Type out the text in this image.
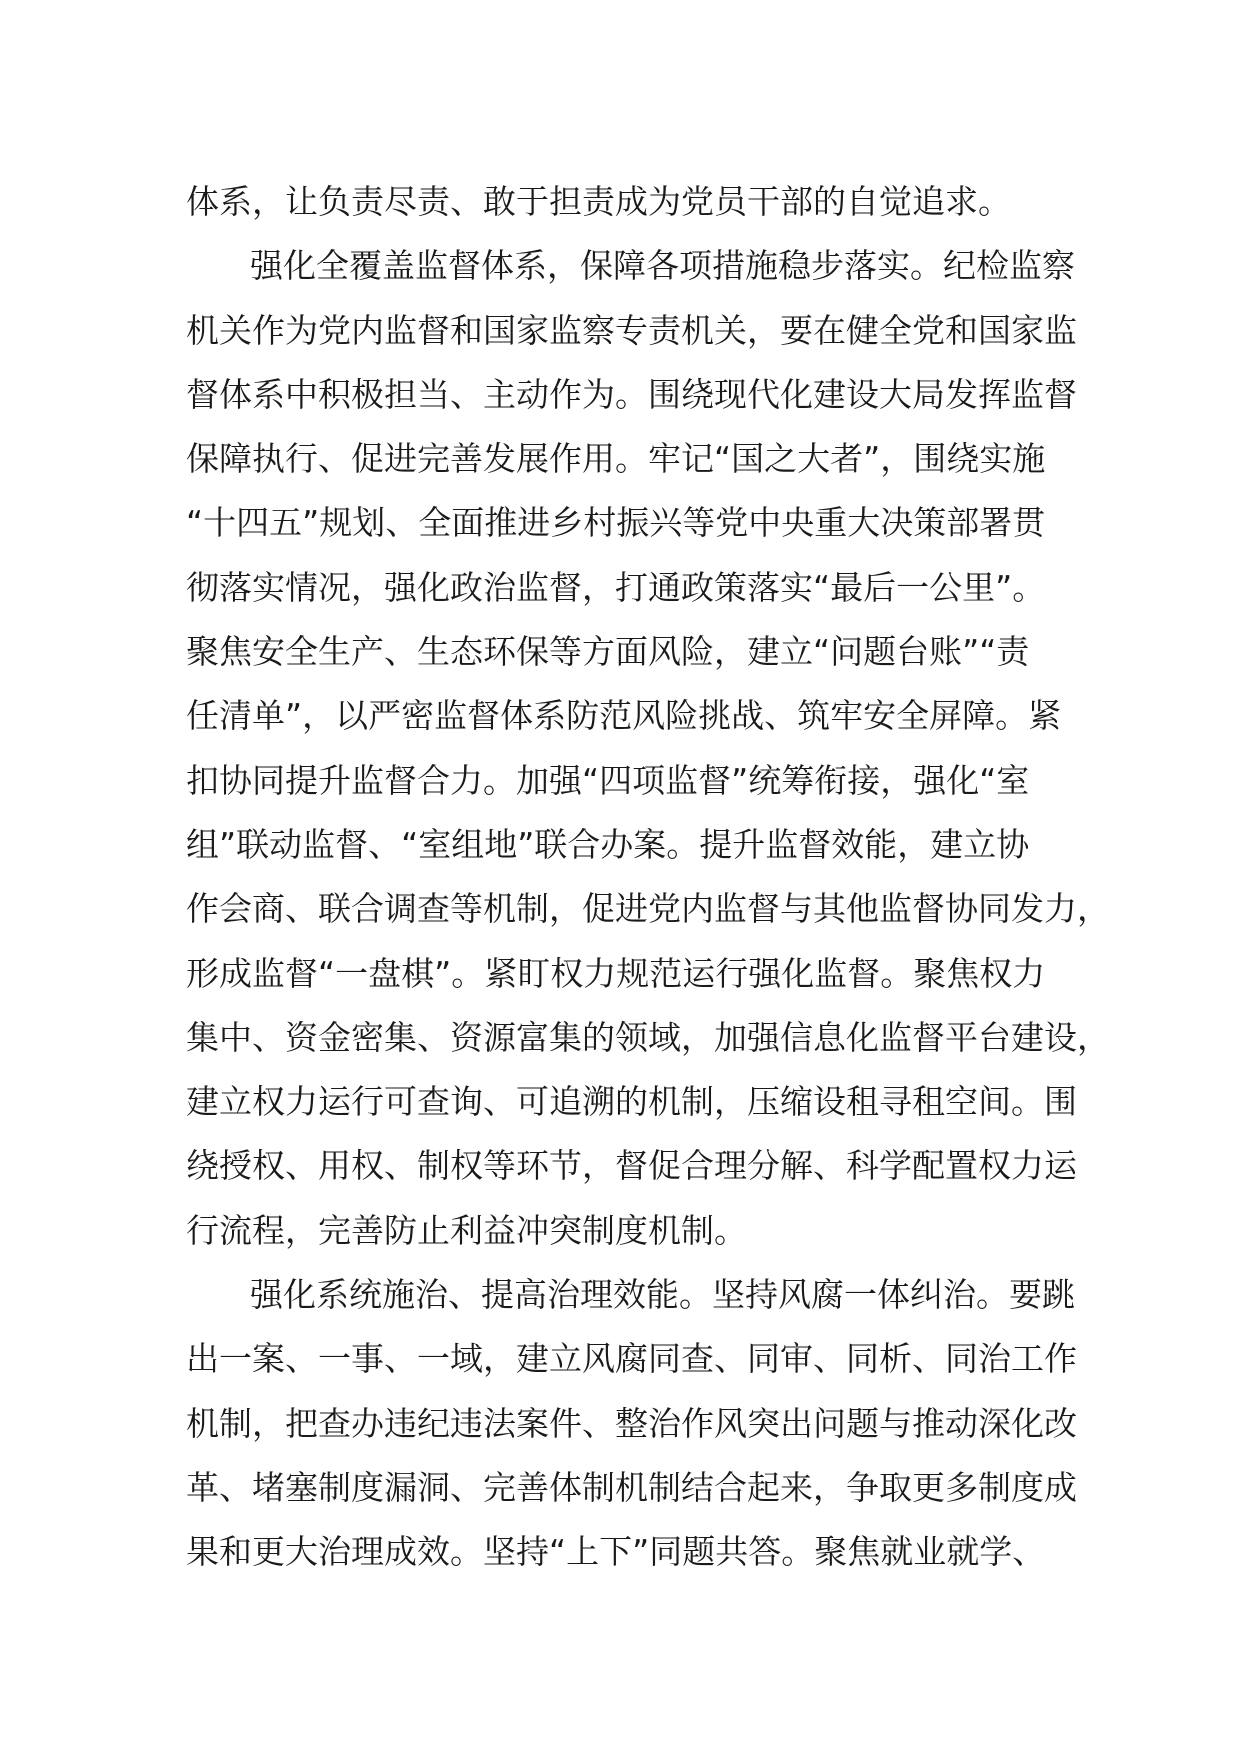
体系，让负责尽责、敢于担责成为党员干部的自觉追求。
强化全覆盖监督体系，保障各项措施稳步落实。纪检监察
机关作为党内监督和国家监察专责机关，要在健全党和国家监
督体系中积极担当、主动作为。围绕现代化建设大局发挥监督
保障执行、促进完善发展作用。牢记“国之大者”，围绕实施
“十四五”规划、全面推进乡村振兴等党中央重大决策部署贯
彻落实情况，强化政治监督，打通政策落实“最后一公里”。
聚焦安全生产、生态环保等方面风险，建立“问题台账”“责
任清单”，以严密监督体系防范风险挑战、筑牢安全屏障。紧
扣协同提升监督合力。加强“四项监督”统筹衔接，强化“室
组”联动监督、“室组地”联合办案。提升监督效能，建立协
作会商、联合调查等机制，促进党内监督与其他监督协同发力，
形成监督“一盘棋”。紧盯权力规范运行强化监督。聚焦权力
集中、资金密集、资源富集的领域，加强信息化监督平台建设，
建立权力运行可查询、可追溯的机制，压缩设租寻租空间。围
绕授权、用权、制权等环节，督促合理分解、科学配置权力运
行流程，完善防止利益冲突制度机制。
强化系统施治、提高治理效能。坚持风腐一体纠治。要跳
出一案、一事、一域，建立风腐同查、同审、同析、同治工作
机制，把查办违纪违法案件、整治作风突出问题与推动深化改
革、堵塞制度漏洞、完善体制机制结合起来，争取更多制度成
果和更大治理成效。坚持“上下”同题共答。聚焦就业就学、
